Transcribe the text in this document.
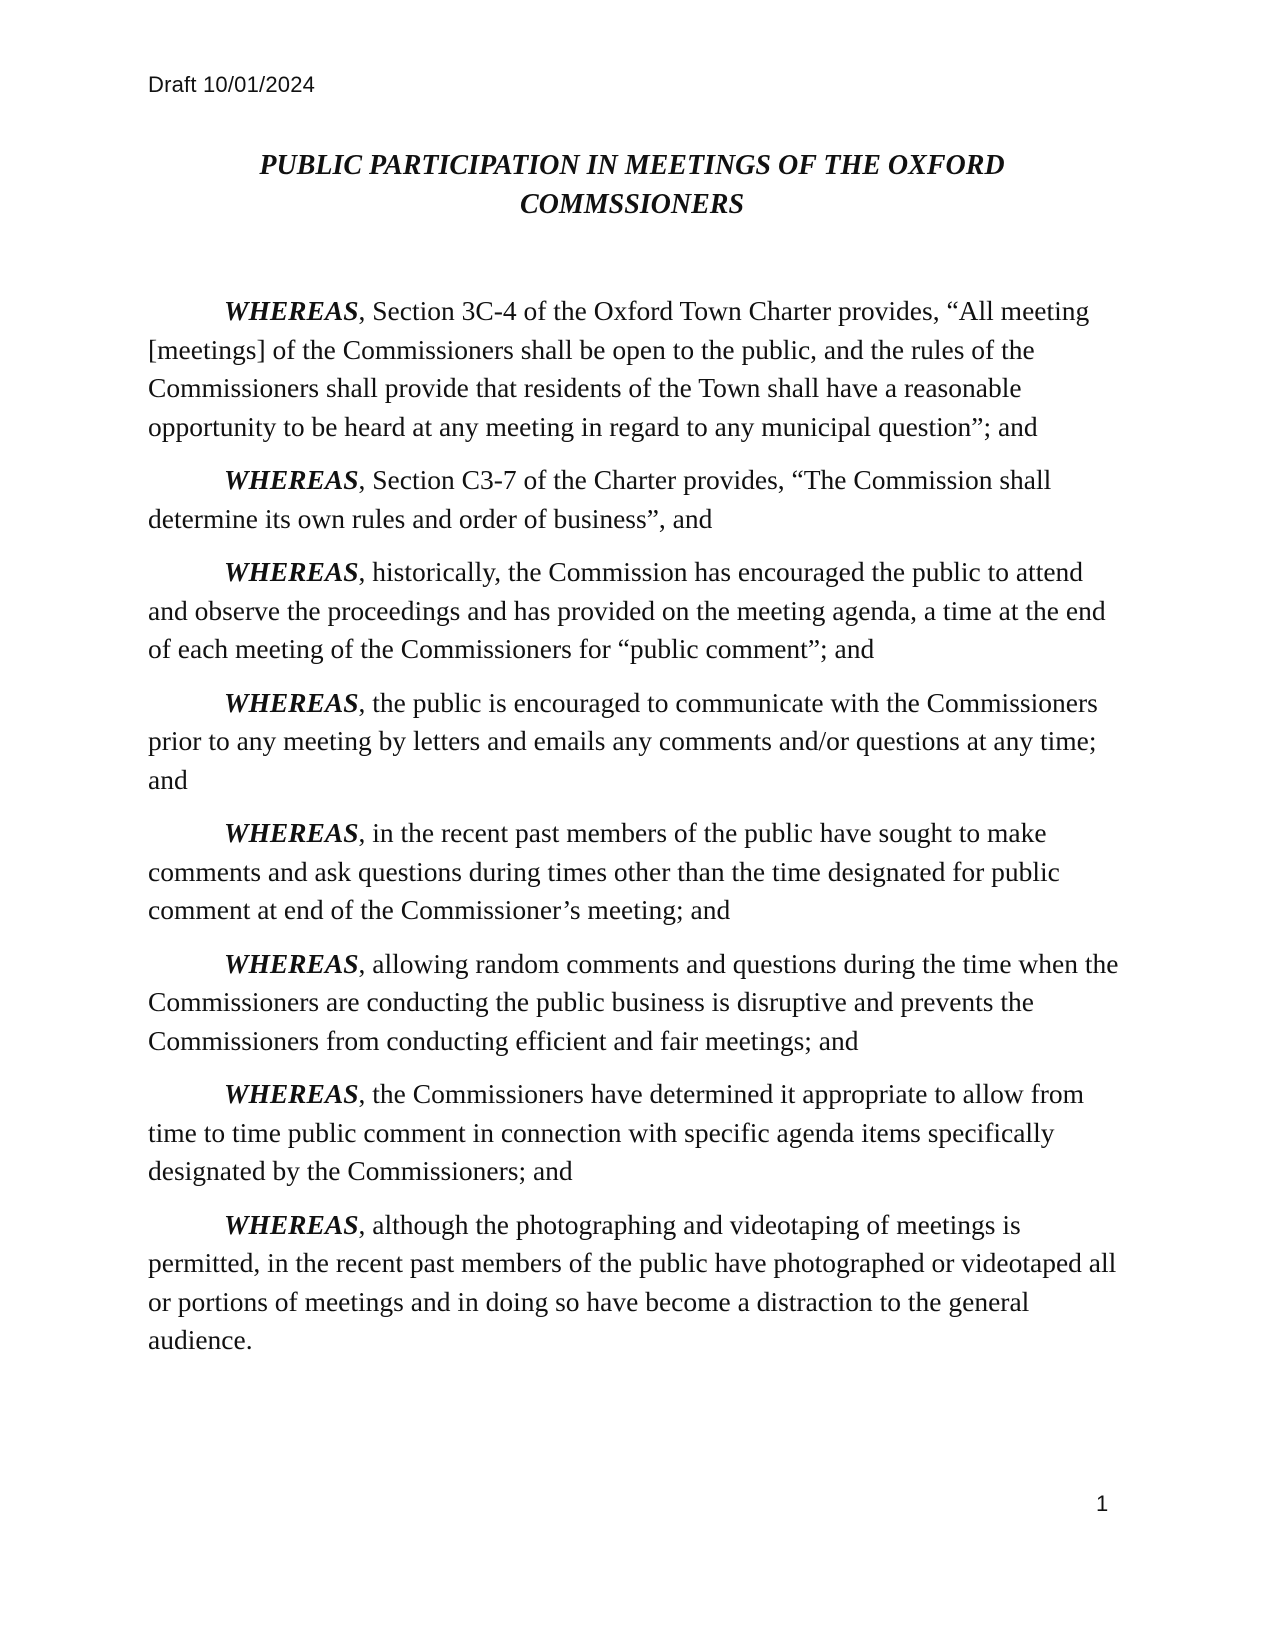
Draft 10/01/2024
PUBLIC PARTICIPATION IN MEETINGS OF THE OXFORD
COMMSSIONERS

WHEREAS, Section 3C-4 of the Oxford Town Charter provides, “All meeting [meetings] of the Commissioners shall be open to the public, and the rules of the Commissioners shall provide that residents of the Town shall have a reasonable opportunity to be heard at any meeting in regard to any municipal question”; and

WHEREAS, Section C3-7 of the Charter provides, “The Commission shall determine its own rules and order of business”, and

WHEREAS, historically, the Commission has encouraged the public to attend and observe the proceedings and has provided on the meeting agenda, a time at the end of each meeting of the Commissioners for “public comment”; and

WHEREAS, the public is encouraged to communicate with the Commissioners prior to any meeting by letters and emails any comments and/or questions at any time; and

WHEREAS, in the recent past members of the public have sought to make comments and ask questions during times other than the time designated for public comment at end of the Commissioner’s meeting; and

WHEREAS, allowing random comments and questions during the time when the Commissioners are conducting the public business is disruptive and prevents the Commissioners from conducting efficient and fair meetings; and

WHEREAS, the Commissioners have determined it appropriate to allow from time to time public comment in connection with specific agenda items specifically designated by the Commissioners; and

WHEREAS, although the photographing and videotaping of meetings is permitted, in the recent past members of the public have photographed or videotaped all or portions of meetings and in doing so have become a distraction to the general audience.

1
